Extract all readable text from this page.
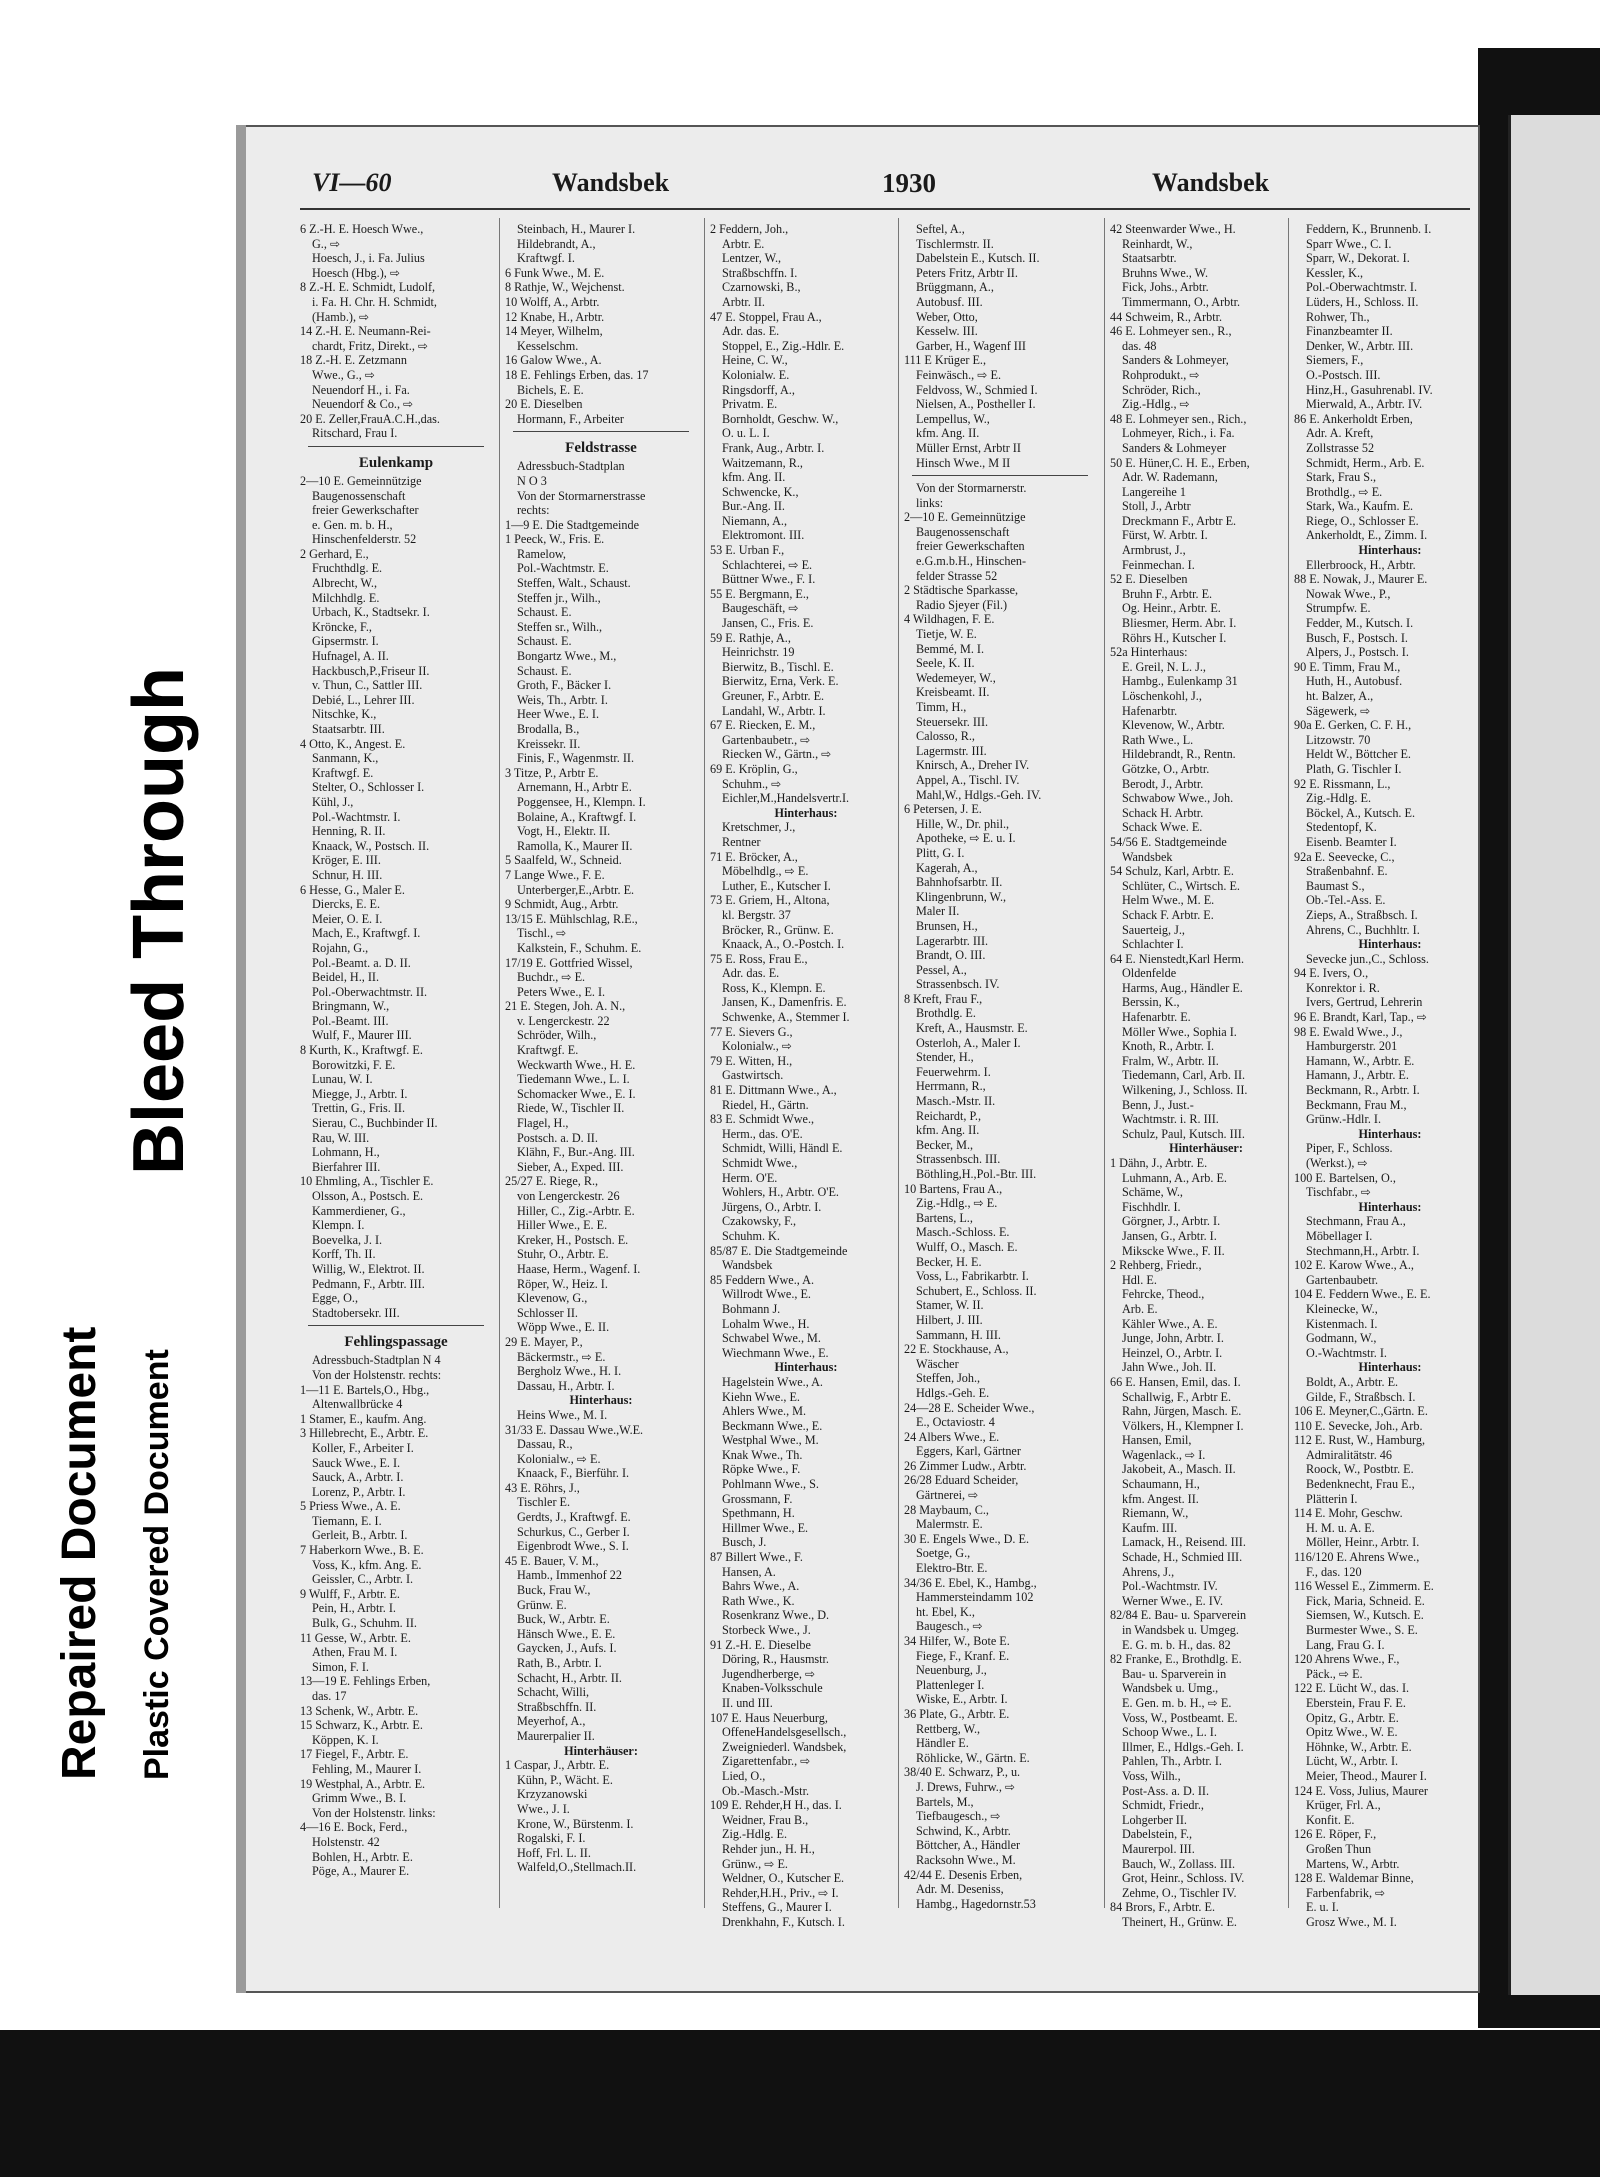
Repaired Document Plastic Covered Document
Bleed Through
VI—60	Wandsbek	1930	Wandsbek
6 Z.-H. E. Hoesch Wwe.,
G., ⇨
Hoesch, J., i. Fa. Julius
Hoesch (Hbg.), ⇨
8 Z.-H. E. Schmidt, Ludolf,
i. Fa. H. Chr. H. Schmidt,
(Hamb.), ⇨
14 Z.-H. E. Neumann-Rei-
chardt, Fritz, Direkt., ⇨
18 Z.-H. E. Zetzmann
Wwe., G., ⇨
Neuendorf H., i. Fa.
Neuendorf & Co., ⇨
20 E. Zeller,FrauA.C.H.,das.
Ritschard, Frau I.
Eulenkamp
2—10 E. Gemeinnützige
Baugenossenschaft
freier Gewerkschafter
e. Gen. m. b. H.,
Hinschenfelderstr. 52
2 Gerhard, E.,
Fruchthdlg. E.
Albrecht, W.,
Milchhdlg. E.
Urbach, K., Stadtsekr. I.
Kröncke, F.,
Gipsermstr. I.
Hufnagel, A. II.
Hackbusch,P.,Friseur II.
v. Thun, C., Sattler III.
Debié, L., Lehrer III.
Nitschke, K.,
Staatsarbtr. III.
4 Otto, K., Angest. E.
Sanmann, K.,
Kraftwgf. E.
Stelter, O., Schlosser I.
Kühl, J.,
Pol.-Wachtmstr. I.
Henning, R. II.
Knaack, W., Postsch. II.
Kröger, E. III.
Schnur, H. III.
6 Hesse, G., Maler E.
Diercks, E. E.
Meier, O. E. I.
Mach, E., Kraftwgf. I.
Rojahn, G.,
Pol.-Beamt. a. D. II.
Beidel, H., II.
Pol.-Oberwachtmstr. II.
Bringmann, W.,
Pol.-Beamt. III.
Wulf, F., Maurer III.
8 Kurth, K., Kraftwgf. E.
Borowitzki, F. E.
Lunau, W. I.
Miegge, J., Arbtr. I.
Trettin, G., Fris. II.
Sierau, C., Buchbinder II.
Rau, W. III.
Lohmann, H.,
Bierfahrer III.
10 Ehmling, A., Tischler E.
Olsson, A., Postsch. E.
Kammerdiener, G.,
Klempn. I.
Boevelka, J. I.
Korff, Th. II.
Willig, W., Elektrot. II.
Pedmann, F., Arbtr. III.
Egge, O.,
Stadtobersekr. III.
Fehlingspassage
Adressbuch-Stadtplan N 4
Von der Holstenstr. rechts:
1—11 E. Bartels,O., Hbg.,
Altenwallbrücke 4
1 Stamer, E., kaufm. Ang.
3 Hillebrecht, E., Arbtr. E.
Koller, F., Arbeiter I.
Sauck Wwe., E. I.
Sauck, A., Arbtr. I.
Lorenz, P., Arbtr. I.
5 Priess Wwe., A. E.
Tiemann, E. I.
Gerleit, B., Arbtr. I.
7 Haberkorn Wwe., B. E.
Voss, K., kfm. Ang. E.
Geissler, C., Arbtr. I.
9 Wulff, F., Arbtr. E.
Pein, H., Arbtr. I.
Bulk, G., Schuhm. II.
11 Gesse, W., Arbtr. E.
Athen, Frau M. I.
Simon, F. I.
13—19 E. Fehlings Erben,
das. 17
13 Schenk, W., Arbtr. E.
15 Schwarz, K., Arbtr. E.
Köppen, K. I.
17 Fiegel, F., Arbtr. E.
Fehling, M., Maurer I.
19 Westphal, A., Arbtr. E.
Grimm Wwe., B. I.
Von der Holstenstr. links:
4—16 E. Bock, Ferd.,
Holstenstr. 42
Bohlen, H., Arbtr. E.
Pöge, A., Maurer E.
Steinbach, H., Maurer I.
Hildebrandt, A.,
Kraftwgf. I.
6 Funk Wwe., M. E.
8 Rathje, W., Wejchenst.
10 Wolff, A., Arbtr.
12 Knabe, H., Arbtr.
14 Meyer, Wilhelm,
Kesselschm.
16 Galow Wwe., A.
18 E. Fehlings Erben, das. 17
Bichels, E. E.
20 E. Dieselben
Hormann, F., Arbeiter
Feldstrasse
Adressbuch-Stadtplan
N O 3
Von der Stormarnerstrasse
rechts:
1—9 E. Die Stadtgemeinde
1 Peeck, W., Fris. E.
Ramelow,
Pol.-Wachtmstr. E.
Steffen, Walt., Schaust.
Steffen jr., Wilh.,
Schaust. E.
Steffen sr., Wilh.,
Schaust. E.
Bongartz Wwe., M.,
Schaust. E.
Groth, F., Bäcker I.
Weis, Th., Arbtr. I.
Heer Wwe., E. I.
Brodalla, B.,
Kreissekr. II.
Finis, F., Wagenmstr. II.
3 Titze, P., Arbtr E.
Arnemann, H., Arbtr E.
Poggensee, H., Klempn. I.
Bolaine, A., Kraftwgf. I.
Vogt, H., Elektr. II.
Ramolla, K., Maurer II.
5 Saalfeld, W., Schneid.
7 Lange Wwe., F. E.
Unterberger,E.,Arbtr. E.
9 Schmidt, Aug., Arbtr.
13/15 E. Mühlschlag, R.E.,
Tischl., ⇨
Kalkstein, F., Schuhm. E.
17/19 E. Gottfried Wissel,
Buchdr., ⇨ E.
Peters Wwe., E. I.
21 E. Stegen, Joh. A. N.,
v. Lengerckestr. 22
Schröder, Wilh.,
Kraftwgf. E.
Weckwarth Wwe., H. E.
Tiedemann Wwe., L. I.
Schomacker Wwe., E. I.
Riede, W., Tischler II.
Flagel, H.,
Postsch. a. D. II.
Klähn, F., Bur.-Ang. III.
Sieber, A., Exped. III.
25/27 E. Riege, R.,
von Lengerckestr. 26
Hiller, C., Zig.-Arbtr. E.
Hiller Wwe., E. E.
Kreker, H., Postsch. E.
Stuhr, O., Arbtr. E.
Haase, Herm., Wagenf. I.
Röper, W., Heiz. I.
Klevenow, G.,
Schlosser II.
Wöpp Wwe., E. II.
29 E. Mayer, P.,
Bäckermstr., ⇨ E.
Bergholz Wwe., H. I.
Dassau, H., Arbtr. I.
Hinterhaus:
Heins Wwe., M. I.
31/33 E. Dassau Wwe.,W.E.
Dassau, R.,
Kolonialw., ⇨ E.
Knaack, F., Bierführ. I.
43 E. Röhrs, J.,
Tischler E.
Gerdts, J., Kraftwgf. E.
Schurkus, C., Gerber I.
Eigenbrodt Wwe., S. I.
45 E. Bauer, V. M.,
Hamb., Immenhof 22
Buck, Frau W.,
Grünw. E.
Buck, W., Arbtr. E.
Hänsch Wwe., E. E.
Gaycken, J., Aufs. I.
Rath, B., Arbtr. I.
Schacht, H., Arbtr. II.
Schacht, Willi,
Straßbschffn. II.
Meyerhof, A.,
Maurerpalier II.
Hinterhäuser:
1 Caspar, J., Arbtr. E.
Kühn, P., Wächt. E.
Krzyzanowski
Wwe., J. I.
Krone, W., Bürstenm. I.
Rogalski, F. I.
Hoff, Frl. L. II.
Walfeld,O.,Stellmach.II.
2 Feddern, Joh.,
Arbtr. E.
Lentzer, W.,
Straßbschffn. I.
Czarnowski, B.,
Arbtr. II.
47 E. Stoppel, Frau A.,
Adr. das. E.
Stoppel, E., Zig.-Hdlr. E.
Heine, C. W.,
Kolonialw. E.
Ringsdorff, A.,
Privatm. E.
Bornholdt, Geschw. W.,
O. u. L. I.
Frank, Aug., Arbtr. I.
Waitzemann, R.,
kfm. Ang. II.
Schwencke, K.,
Bur.-Ang. II.
Niemann, A.,
Elektromont. III.
53 E. Urban F.,
Schlachterei, ⇨ E.
Büttner Wwe., F. I.
55 E. Bergmann, E.,
Baugeschäft, ⇨
Jansen, C., Fris. E.
59 E. Rathje, A.,
Heinrichstr. 19
Bierwitz, B., Tischl. E.
Bierwitz, Erna, Verk. E.
Greuner, F., Arbtr. E.
Landahl, W., Arbtr. I.
67 E. Riecken, E. M.,
Gartenbaubetr., ⇨
Riecken W., Gärtn., ⇨
69 E. Kröplin, G.,
Schuhm., ⇨
Eichler,M.,Handelsvertr.I.
Hinterhaus:
Kretschmer, J.,
Rentner
71 E. Bröcker, A.,
Möbelhdlg., ⇨ E.
Luther, E., Kutscher I.
73 E. Griem, H., Altona,
kl. Bergstr. 37
Bröcker, R., Grünw. E.
Knaack, A., O.-Postch. I.
75 E. Ross, Frau E.,
Adr. das. E.
Ross, K., Klempn. E.
Jansen, K., Damenfris. E.
Schwenke, A., Stemmer I.
77 E. Sievers G.,
Kolonialw., ⇨
79 E. Witten, H.,
Gastwirtsch.
81 E. Dittmann Wwe., A.,
Riedel, H., Gärtn.
83 E. Schmidt Wwe.,
Herm., das. O'E.
Schmidt, Willi, Händl E.
Schmidt Wwe.,
Herm. O'E.
Wohlers, H., Arbtr. O'E.
Jürgens, O., Arbtr. I.
Czakowsky, F.,
Schuhm. K.
85/87 E. Die Stadtgemeinde
Wandsbek
85 Feddern Wwe., A.
Willrodt Wwe., E.
Bohmann J.
Lohalm Wwe., H.
Schwabel Wwe., M.
Wiechmann Wwe., E.
Hinterhaus:
Hagelstein Wwe., A.
Kiehn Wwe., E.
Ahlers Wwe., M.
Beckmann Wwe., E.
Westphal Wwe., M.
Knak Wwe., Th.
Röpke Wwe., F.
Pohlmann Wwe., S.
Grossmann, F.
Spethmann, H.
Hillmer Wwe., E.
Busch, J.
87 Billert Wwe., F.
Hansen, A.
Bahrs Wwe., A.
Rath Wwe., K.
Rosenkranz Wwe., D.
Storbeck Wwe., J.
91 Z.-H. E. Dieselbe
Döring, R., Hausmstr.
Jugendherberge, ⇨
Knaben-Volksschule
II. und III.
107 E. Haus Neuerburg,
OffeneHandelsgesellsch.,
Zweigniederl. Wandsbek,
Zigarettenfabr., ⇨
Lied, O.,
Ob.-Masch.-Mstr.
109 E. Rehder,H H., das. I.
Weidner, Frau B.,
Zig.-Hdlg. E.
Rehder jun., H. H.,
Grünw., ⇨ E.
Weldner, O., Kutscher E.
Rehder,H.H., Priv., ⇨ I.
Steffens, G., Maurer I.
Drenkhahn, F., Kutsch. I.
Seftel, A.,
Tischlermstr. II.
Dabelstein E., Kutsch. II.
Peters Fritz, Arbtr II.
Brüggmann, A.,
Autobusf. III.
Weber, Otto,
Kesselw. III.
Garber, H., Wagenf III
111 E Krüger E.,
Feinwäsch., ⇨ E.
Feldvoss, W., Schmied I.
Nielsen, A., Postheller I.
Lempellus, W.,
kfm. Ang. II.
Müller Ernst, Arbtr II
Hinsch Wwe., M II
Von der Stormarnerstr.
links:
2—10 E. Gemeinnützige
Baugenossenschaft
freier Gewerkschaften
e.G.m.b.H., Hinschen-
felder Strasse 52
2 Städtische Sparkasse,
Radio Sjeyer (Fil.)
4 Wildhagen, F. E.
Tietje, W. E.
Bemmé, M. I.
Seele, K. II.
Wedemeyer, W.,
Kreisbeamt. II.
Timm, H.,
Steuersekr. III.
Calosso, R.,
Lagermstr. III.
Knirsch, A., Dreher IV.
Appel, A., Tischl. IV.
Mahl,W., Hdlgs.-Geh. IV.
6 Petersen, J. E.
Hille, W., Dr. phil.,
Apotheke, ⇨ E. u. I.
Plitt, G. I.
Kagerah, A.,
Bahnhofsarbtr. II.
Klingenbrunn, W.,
Maler II.
Brunsen, H.,
Lagerarbtr. III.
Brandt, O. III.
Pessel, A.,
Strassenbsch. IV.
8 Kreft, Frau F.,
Brothdlg. E.
Kreft, A., Hausmstr. E.
Osterloh, A., Maler I.
Stender, H.,
Feuerwehrm. I.
Herrmann, R.,
Masch.-Mstr. II.
Reichardt, P.,
kfm. Ang. II.
Becker, M.,
Strassenbsch. III.
Böthling,H.,Pol.-Btr. III.
10 Bartens, Frau A.,
Zig.-Hdlg., ⇨ E.
Bartens, L.,
Masch.-Schloss. E.
Wulff, O., Masch. E.
Becker, H. E.
Voss, L., Fabrikarbtr. I.
Schubert, E., Schloss. II.
Stamer, W. II.
Hilbert, J. III.
Sammann, H. III.
22 E. Stockhause, A.,
Wäscher
Steffen, Joh.,
Hdlgs.-Geh. E.
24—28 E. Scheider Wwe.,
E., Octaviostr. 4
24 Albers Wwe., E.
Eggers, Karl, Gärtner
26 Zimmer Ludw., Arbtr.
26/28 Eduard Scheider,
Gärtnerei, ⇨
28 Maybaum, C.,
Malermstr. E.
30 E. Engels Wwe., D. E.
Soetge, G.,
Elektro-Btr. E.
34/36 E. Ebel, K., Hambg.,
Hammersteindamm 102
ht. Ebel, K.,
Baugesch., ⇨
34 Hilfer, W., Bote E.
Fiege, F., Kranf. E.
Neuenburg, J.,
Plattenleger I.
Wiske, E., Arbtr. I.
36 Plate, G., Arbtr. E.
Rettberg, W.,
Händler E.
Röhlicke, W., Gärtn. E.
38/40 E. Schwarz, P., u.
J. Drews, Fuhrw., ⇨
Bartels, M.,
Tiefbaugesch., ⇨
Schwind, K., Arbtr.
Böttcher, A., Händler
Racksohn Wwe., M.
42/44 E. Desenis Erben,
Adr. M. Deseniss,
Hambg., Hagedornstr.53
42 Steenwarder Wwe., H.
Reinhardt, W.,
Staatsarbtr.
Bruhns Wwe., W.
Fick, Johs., Arbtr.
Timmermann, O., Arbtr.
44 Schweim, R., Arbtr.
46 E. Lohmeyer sen., R.,
das. 48
Sanders & Lohmeyer,
Rohprodukt., ⇨
Schröder, Rich.,
Zig.-Hdlg., ⇨
48 E. Lohmeyer sen., Rich.,
Lohmeyer, Rich., i. Fa.
Sanders & Lohmeyer
50 E. Hüner,C. H. E., Erben,
Adr. W. Rademann,
Langereihe 1
Stoll, J., Arbtr
Dreckmann F., Arbtr E.
Fürst, W. Arbtr. I.
Armbrust, J.,
Feinmechan. I.
52 E. Dieselben
Bruhn F., Arbtr. E.
Og. Heinr., Arbtr. E.
Bliesmer, Herm. Abr. I.
Röhrs H., Kutscher I.
52a Hinterhaus:
E. Greil, N. L. J.,
Hambg., Eulenkamp 31
Löschenkohl, J.,
Hafenarbtr.
Klevenow, W., Arbtr.
Rath Wwe., L.
Hildebrandt, R., Rentn.
Götzke, O., Arbtr.
Berodt, J., Arbtr.
Schwabow Wwe., Joh.
Schack H. Arbtr.
Schack Wwe. E.
54/56 E. Stadtgemeinde
Wandsbek
54 Schulz, Karl, Arbtr. E.
Schlüter, C., Wirtsch. E.
Helm Wwe., M. E.
Schack F. Arbtr. E.
Sauerteig, J.,
Schlachter I.
64 E. Nienstedt,Karl Herm.
Oldenfelde
Harms, Aug., Händler E.
Berssin, K.,
Hafenarbtr. E.
Möller Wwe., Sophia I.
Knoth, R., Arbtr. I.
Fralm, W., Arbtr. II.
Tiedemann, Carl, Arb. II.
Wilkening, J., Schloss. II.
Benn, J., Just.-
Wachtmstr. i. R. III.
Schulz, Paul, Kutsch. III.
Hinterhäuser:
1 Dähn, J., Arbtr. E.
Luhmann, A., Arb. E.
Schäme, W.,
Fischhdlr. I.
Görgner, J., Arbtr. I.
Jansen, G., Arbtr. I.
Mikscke Wwe., F. II.
2 Rehberg, Friedr.,
Hdl. E.
Fehrcke, Theod.,
Arb. E.
Kähler Wwe., A. E.
Junge, John, Arbtr. I.
Heinzel, O., Arbtr. I.
Jahn Wwe., Joh. II.
66 E. Hansen, Emil, das. I.
Schallwig, F., Arbtr E.
Rahn, Jürgen, Masch. E.
Völkers, H., Klempner I.
Hansen, Emil,
Wagenlack., ⇨ I.
Jakobeit, A., Masch. II.
Schaumann, H.,
kfm. Angest. II.
Riemann, W.,
Kaufm. III.
Lamack, H., Reisend. III.
Schade, H., Schmied III.
Ahrens, J.,
Pol.-Wachtmstr. IV.
Werner Wwe., E. IV.
82/84 E. Bau- u. Sparverein
in Wandsbek u. Umgeg.
E. G. m. b. H., das. 82
82 Franke, E., Brothdlg. E.
Bau- u. Sparverein in
Wandsbek u. Umg.,
E. Gen. m. b. H., ⇨ E.
Voss, W., Postbeamt. E.
Schoop Wwe., L. I.
Illmer, E., Hdlgs.-Geh. I.
Pahlen, Th., Arbtr. I.
Voss, Wilh.,
Post-Ass. a. D. II.
Schmidt, Friedr.,
Lohgerber II.
Dabelstein, F.,
Maurerpol. III.
Bauch, W., Zollass. III.
Grot, Heinr., Schloss. IV.
Zehme, O., Tischler IV.
84 Brors, F., Arbtr. E.
Theinert, H., Grünw. E.
Feddern, K., Brunnenb. I.
Sparr Wwe., C. I.
Sparr, W., Dekorat. I.
Kessler, K.,
Pol.-Oberwachtmstr. I.
Lüders, H., Schloss. II.
Rohwer, Th.,
Finanzbeamter II.
Denker, W., Arbtr. III.
Siemers, F.,
O.-Postsch. III.
Hinz,H., Gasuhrenabl. IV.
Mierwald, A., Arbtr. IV.
86 E. Ankerholdt Erben,
Adr. A. Kreft,
Zollstrasse 52
Schmidt, Herm., Arb. E.
Stark, Frau S.,
Brothdlg., ⇨ E.
Stark, Wa., Kaufm. E.
Riege, O., Schlosser E.
Ankerholdt, E., Zimm. I.
Hinterhaus:
Ellerbroock, H., Arbtr.
88 E. Nowak, J., Maurer E.
Nowak Wwe., P.,
Strumpfw. E.
Fedder, M., Kutsch. I.
Busch, F., Postsch. I.
Alpers, J., Postsch. I.
90 E. Timm, Frau M.,
Huth, H., Autobusf.
ht. Balzer, A.,
Sägewerk, ⇨
90a E. Gerken, C. F. H.,
Litzowstr. 70
Heldt W., Böttcher E.
Plath, G. Tischler I.
92 E. Rissmann, L.,
Zig.-Hdlg. E.
Böckel, A., Kutsch. E.
Stedentopf, K.
Eisenb. Beamter I.
92a E. Seevecke, C.,
Straßenbahnf. E.
Baumast S.,
Ob.-Tel.-Ass. E.
Zieps, A., Straßbsch. I.
Ahrens, C., Buchhltr. I.
Hinterhaus:
Sevecke jun.,C., Schloss.
94 E. Ivers, O.,
Konrektor i. R.
Ivers, Gertrud, Lehrerin
96 E. Brandt, Karl, Tap., ⇨
98 E. Ewald Wwe., J.,
Hamburgerstr. 201
Hamann, W., Arbtr. E.
Hamann, J., Arbtr. E.
Beckmann, R., Arbtr. I.
Beckmann, Frau M.,
Grünw.-Hdlr. I.
Hinterhaus:
Piper, F., Schloss.
(Werkst.), ⇨
100 E. Bartelsen, O.,
Tischfabr., ⇨
Hinterhaus:
Stechmann, Frau A.,
Möbellager I.
Stechmann,H., Arbtr. I.
102 E. Karow Wwe., A.,
Gartenbaubetr.
104 E. Feddern Wwe., E. E.
Kleinecke, W.,
Kistenmach. I.
Godmann, W.,
O.-Wachtmstr. I.
Hinterhaus:
Boldt, A., Arbtr. E.
Gilde, F., Straßbsch. I.
106 E. Meyner,C.,Gärtn. E.
110 E. Sevecke, Joh., Arb.
112 E. Rust, W., Hamburg,
Admiralitätstr. 46
Roock, W., Postbtr. E.
Bedenknecht, Frau E.,
Plätterin I.
114 E. Mohr, Geschw.
H. M. u. A. E.
Möller, Heinr., Arbtr. I.
116/120 E. Ahrens Wwe.,
F., das. 120
116 Wessel E., Zimmerm. E.
Fick, Maria, Schneid. E.
Siemsen, W., Kutsch. E.
Burmester Wwe., S. E.
Lang, Frau G. I.
120 Ahrens Wwe., F.,
Päck., ⇨ E.
122 E. Lücht W., das. I.
Eberstein, Frau F. E.
Opitz, G., Arbtr. E.
Opitz Wwe., W. E.
Höhnke, W., Arbtr. E.
Lücht, W., Arbtr. I.
Meier, Theod., Maurer I.
124 E. Voss, Julius, Maurer
Krüger, Frl. A.,
Konfit. E.
126 E. Röper, F.,
Großen Thun
Martens, W., Arbtr.
128 E. Waldemar Binne,
Farbenfabrik, ⇨
E. u. I.
Grosz Wwe., M. I.
